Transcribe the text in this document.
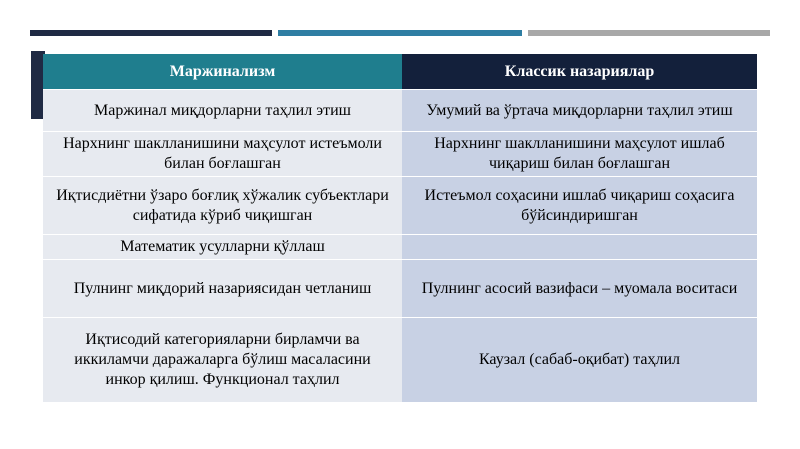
Маржинализм	Классик назариялар
Маржинал миқдорларни таҳлил этиш	Умумий ва ўртача миқдорларни таҳлил этиш
Нархнинг шаклланишини маҳсулот истеъмоли билан боғлашган	Нархнинг шаклланишини маҳсулот ишлаб чиқариш билан боғлашган
Иқтисдиётни ўзаро боғлиқ хўжалик субъектлари сифатида кўриб чиқишган	Истеъмол соҳасини ишлаб чиқариш соҳасига бўйсиндиришган
Математик усулларни қўллаш	
Пулнинг миқдорий назариясидан четланиш	Пулнинг асосий вазифаси – муомала воситаси
Иқтисодий категорияларни бирламчи ва иккиламчи даражаларга бўлиш масаласини инкор қилиш. Функционал таҳлил	Каузал (сабаб-оқибат) таҳлил
